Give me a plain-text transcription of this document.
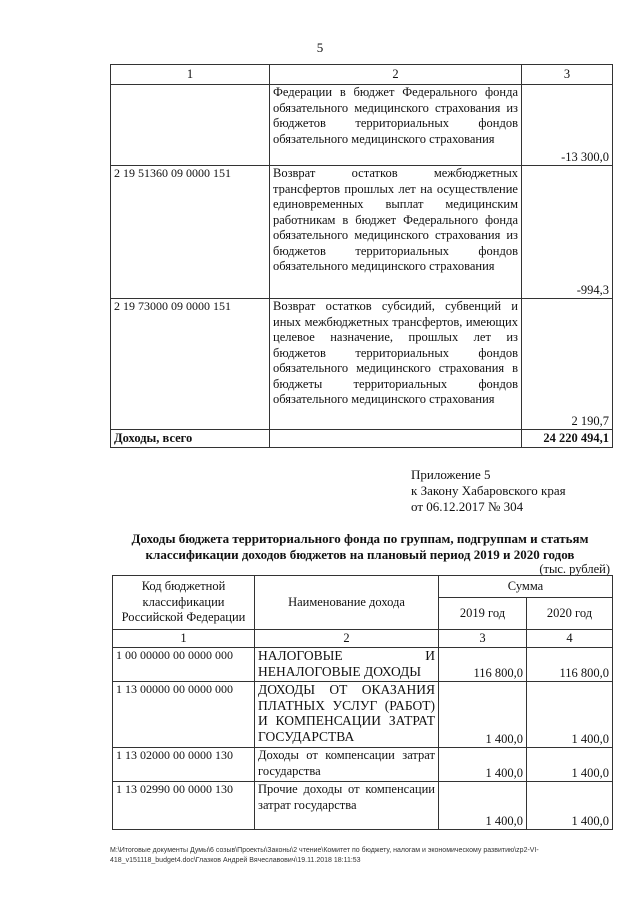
5
1	2	3
	Федерации в бюджет Федерального фонда обязательного медицинского страхования из бюджетов территориальных фондов обязательного медицинского страхования	-13 300,0
2 19 51360 09 0000 151	Возврат остатков межбюджетных трансфертов прошлых лет на осуществление единовременных выплат медицинским работникам в бюджет Федерального фонда обязательного медицинского страхования из бюджетов территориальных фондов обязательного медицинского страхования	-994,3
2 19 73000 09 0000 151	Возврат остатков субсидий, субвенций и иных межбюджетных трансфертов, имеющих целевое назначение, прошлых лет из бюджетов территориальных фондов обязательного медицинского страхования в бюджеты территориальных фондов обязательного медицинского страхования	2 190,7
Доходы, всего		24 220 494,1
Приложение 5
к Закону Хабаровского края
от 06.12.2017 № 304
Доходы бюджета территориального фонда по группам, подгруппам и статьям классификации доходов бюджетов на плановый период 2019 и 2020 годов
(тыс. рублей)
Код бюджетной классификации Российской Федерации	Наименование дохода	Сумма	
		2019 год	2020 год
1	2	3	4
1 00 00000 00 0000 000	НАЛОГОВЫЕ И НЕНАЛОГОВЫЕ ДОХОДЫ	116 800,0	116 800,0
1 13 00000 00 0000 000	ДОХОДЫ ОТ ОКАЗАНИЯ ПЛАТНЫХ УСЛУГ (РАБОТ) И КОМПЕНСАЦИИ ЗАТРАТ ГОСУДАРСТВА	1 400,0	1 400,0
1 13 02000 00 0000 130	Доходы от компенсации затрат государства	1 400,0	1 400,0
1 13 02990 00 0000 130	Прочие доходы от компенсации затрат государства	1 400,0	1 400,0
M:\Итоговые документы Думы\6 созыв\Проекты\Законы\2 чтение\Комитет по бюджету, налогам и экономическому развитию\zp2-VI-418_v151118_budget4.doc\Глазков Андрей Вячеславович\19.11.2018 18:11:53
